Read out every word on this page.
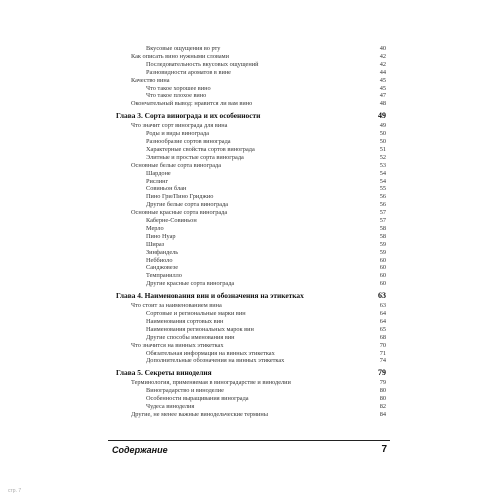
Вкусовые ощущения во рту	40
Как описать вино нужными словами	42
Последовательность вкусовых ощущений	42
Разновидности ароматов в вине	44
Качество вина	45
Что такое хорошее вино	45
Что такое плохое вино	47
Окончательный вывод: нравится ли вам вино	48
Глава 3. Сорта винограда и их особенности	49
Что значит сорт винограда для вина	49
Роды и виды винограда	50
Разнообразие сортов винограда	50
Характерные свойства сортов винограда	51
Элитные и простые сорта винограда	52
Основные белые сорта винограда	53
Шардоне	54
Рислинг	54
Совиньон блан	55
Пино Гри/Пино Гриджио	56
Другие белые сорта винограда	56
Основные красные сорта винограда	57
Каберне-Совиньон	57
Мерло	58
Пино Нуар	58
Шираз	59
Зинфандель	59
Неббиоло	60
Санджовезе	60
Темпранилло	60
Другие красные сорта винограда	60
Глава 4. Наименования вин и обозначения на этикетках	63
Что стоит за наименованием вина	63
Сортовые и региональные марки вин	64
Наименования сортовых вин	64
Наименования региональных марок вин	65
Другие способы именования вин	68
Что значится на винных этикетках	70
Обязательная информация на винных этикетках	71
Дополнительные обозначения на винных этикетках	74
Глава 5. Секреты виноделия	79
Терминология, применяемая в виноградарстве и виноделии	79
Виноградарство и виноделие	80
Особенности выращивания винограда	80
Чудеса виноделия	82
Другие, не менее важные винодельческие термины	84
Содержание	7
стр. 7
